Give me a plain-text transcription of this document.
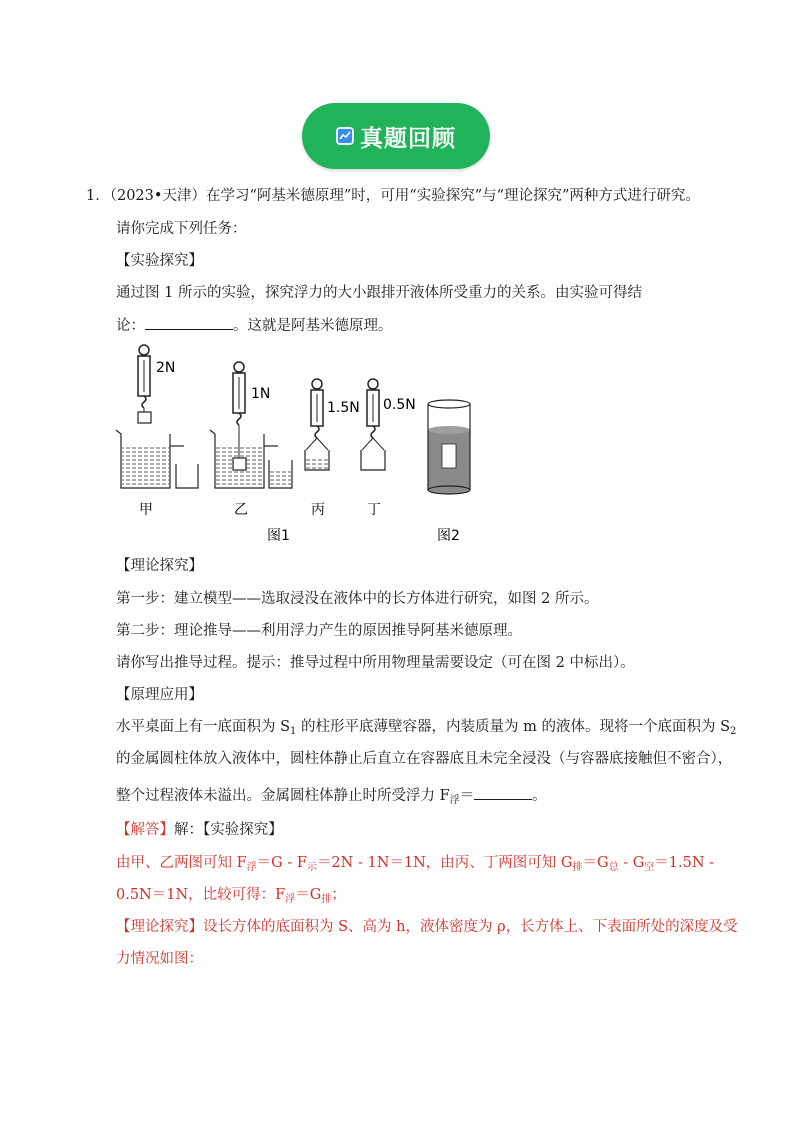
真题回顾
1．（2023•天津）在学习“阿基米德原理”时，可用“实验探究”与“理论探究”两种方式进行研究。
请你完成下列任务：
【实验探究】
通过图 1 所示的实验，探究浮力的大小跟排开液体所受重力的关系。由实验可得结
论：	。这就是阿基米德原理。
2N
1N
1.5N 0.5N
甲	乙	丙	丁
图1	图2
【理论探究】
第一步：建立模型——选取浸没在液体中的长方体进行研究，如图 2 所示。
第二步：理论推导——利用浮力产生的原因推导阿基米德原理。
请你写出推导过程。提示：推导过程中所用物理量需要设定（可在图 2 中标出）。
【原理应用】
水平桌面上有一底面积为 $S_1$ 的柱形平底薄壁容器，内装质量为 m 的液体。现将一个底面积为 $S_2$
的金属圆柱体放入液体中，圆柱体静止后直立在容器底且未完全浸没（与容器底接触但不密合），
整个过程液体未溢出。金属圆柱体静止时所受浮力 $F_浮=$	。
【解答】解：【实验探究】
由甲、乙两图可知 $F_浮=G - F_示=2N - 1N=1N$，由丙、丁两图可知 $G_排=G_总 - G_空=1.5N$ -
0.5N＝1N，比较可得：$F_浮=G_排$；
【理论探究】设长方体的底面积为 S、高为 h，液体密度为 ρ，长方体上、下表面所处的深度及受
力情况如图：
